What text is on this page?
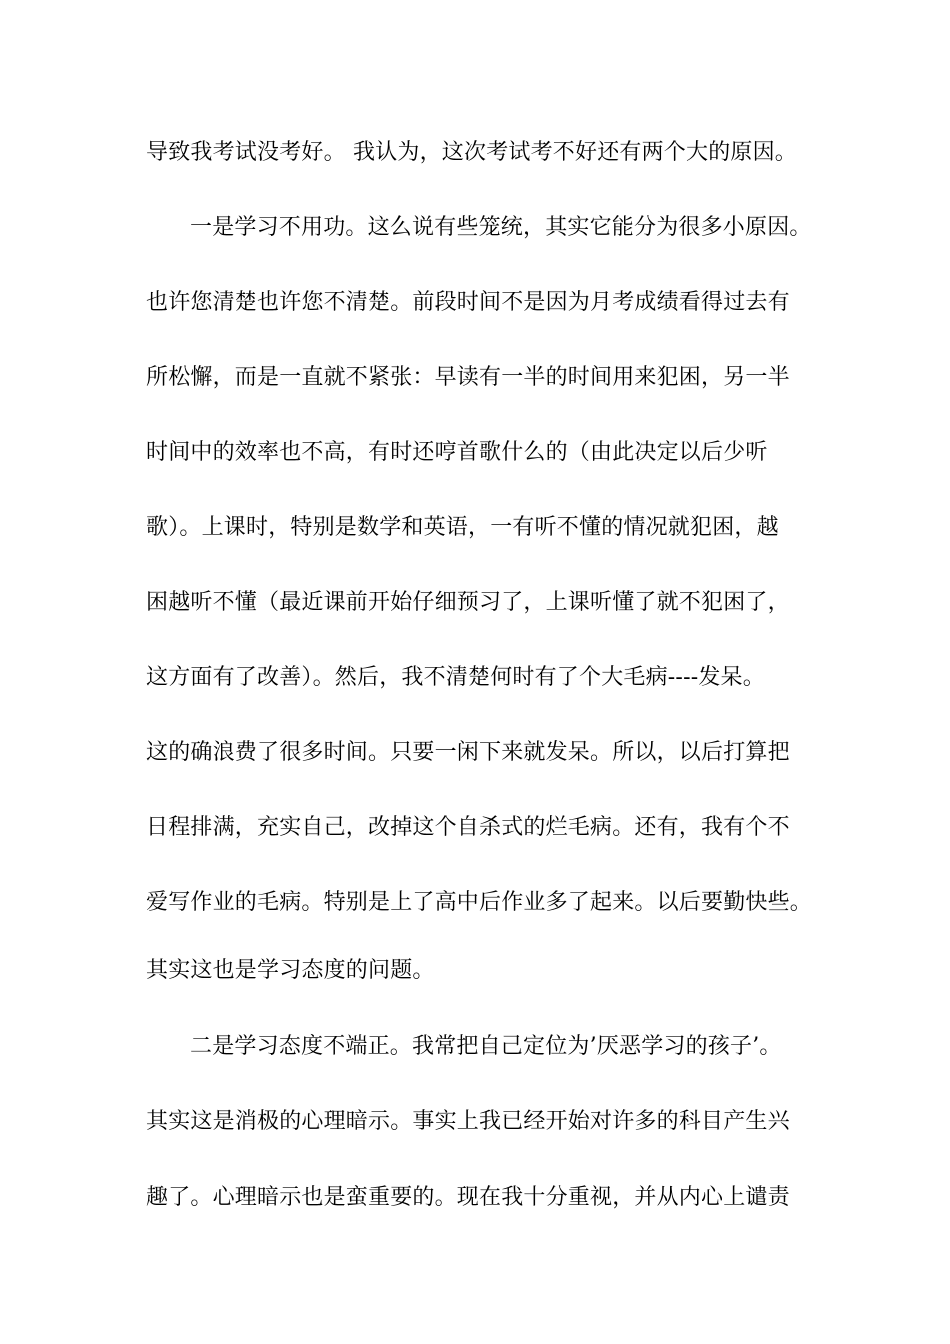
导致我考试没考好。 我认为，这次考试考不好还有两个大的原因。
一是学习不用功。这么说有些笼统，其实它能分为很多小原因。
也许您清楚也许您不清楚。前段时间不是因为月考成绩看得过去有
所松懈，而是一直就不紧张：早读有一半的时间用来犯困，另一半
时间中的效率也不高，有时还哼首歌什么的（由此决定以后少听
歌）。上课时，特别是数学和英语，一有听不懂的情况就犯困，越
困越听不懂（最近课前开始仔细预习了，上课听懂了就不犯困了，
这方面有了改善）。然后，我不清楚何时有了个大毛病----发呆。
这的确浪费了很多时间。只要一闲下来就发呆。所以，以后打算把
日程排满，充实自己，改掉这个自杀式的烂毛病。还有，我有个不
爱写作业的毛病。特别是上了高中后作业多了起来。以后要勤快些。
其实这也是学习态度的问题。
二是学习态度不端正。我常把自己定位为’厌恶学习的孩子’。
其实这是消极的心理暗示。事实上我已经开始对许多的科目产生兴
趣了。心理暗示也是蛮重要的。现在我十分重视，并从内心上谴责
